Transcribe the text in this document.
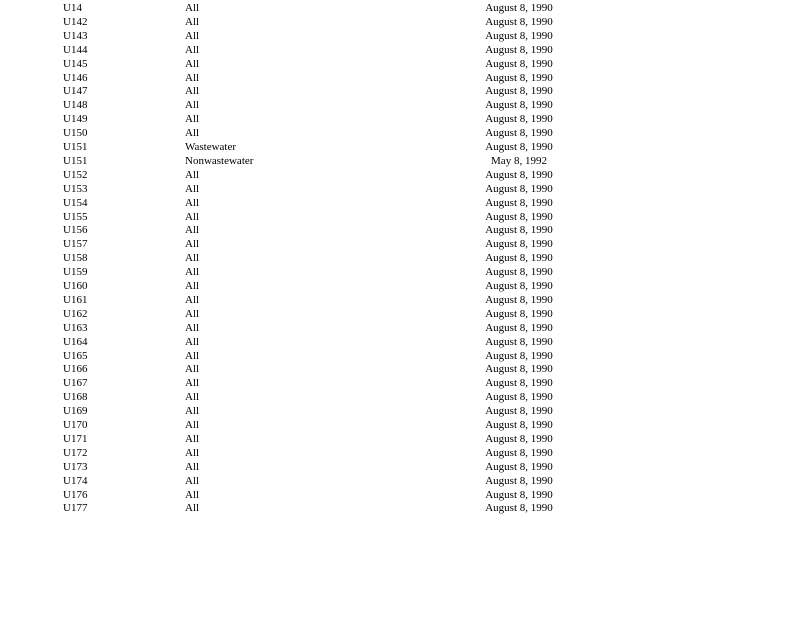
U14	All	August 8, 1990
U142	All	August 8, 1990
U143	All	August 8, 1990
U144	All	August 8, 1990
U145	All	August 8, 1990
U146	All	August 8, 1990
U147	All	August 8, 1990
U148	All	August 8, 1990
U149	All	August 8, 1990
U150	All	August 8, 1990
U151	Wastewater	August 8, 1990
U151	Nonwastewater	May 8, 1992
U152	All	August 8, 1990
U153	All	August 8, 1990
U154	All	August 8, 1990
U155	All	August 8, 1990
U156	All	August 8, 1990
U157	All	August 8, 1990
U158	All	August 8, 1990
U159	All	August 8, 1990
U160	All	August 8, 1990
U161	All	August 8, 1990
U162	All	August 8, 1990
U163	All	August 8, 1990
U164	All	August 8, 1990
U165	All	August 8, 1990
U166	All	August 8, 1990
U167	All	August 8, 1990
U168	All	August 8, 1990
U169	All	August 8, 1990
U170	All	August 8, 1990
U171	All	August 8, 1990
U172	All	August 8, 1990
U173	All	August 8, 1990
U174	All	August 8, 1990
U176	All	August 8, 1990
U177	All	August 8, 1990
